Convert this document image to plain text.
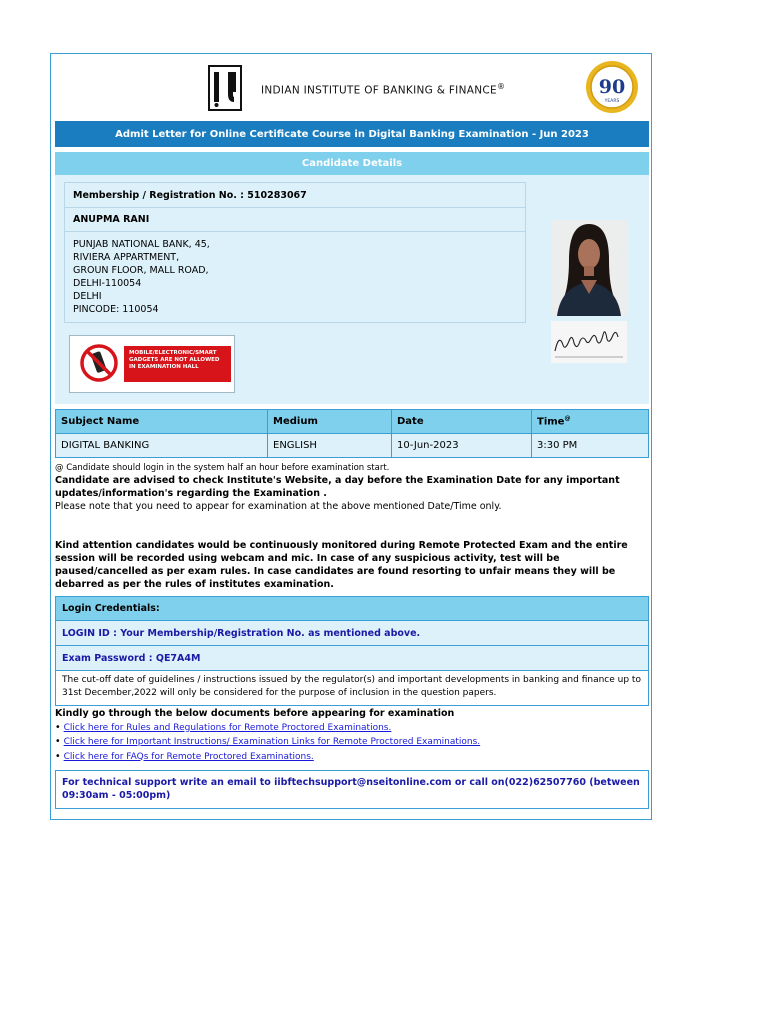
INDIAN INSTITUTE OF BANKING & FINANCE®	90
YEARS
Admit Letter for Online Certificate Course in Digital Banking Examination - Jun 2023
Candidate Details
Membership / Registration No. : 510283067
ANUPMA RANI
PUNJAB NATIONAL BANK, 45,
RIVIERA APPARTMENT,
GROUN FLOOR, MALL ROAD,
DELHI-110054
DELHI
PINCODE: 110054
MOBILE/ELECTRONIC/SMART GADGETS ARE NOT ALLOWED IN EXAMINATION HALL
Subject Name	Medium	Date	Time@
DIGITAL BANKING	ENGLISH	10-Jun-2023	3:30 PM
@ Candidate should login in the system half an hour before examination start.
Candidate are advised to check Institute's Website, a day before the Examination Date for any important updates/information's regarding the Examination .
Please note that you need to appear for examination at the above mentioned Date/Time only.
Kind attention candidates would be continuously monitored during Remote Protected Exam and the entire session will be recorded using webcam and mic. In case of any suspicious activity, test will be paused/cancelled as per exam rules. In case candidates are found resorting to unfair means they will be debarred as per the rules of institutes examination.
Login Credentials:
LOGIN ID : Your Membership/Registration No. as mentioned above.
Exam Password : QE7A4M
The cut-off date of guidelines / instructions issued by the regulator(s) and important developments in banking and finance up to 31st December,2022 will only be considered for the purpose of inclusion in the question papers.
Kindly go through the below documents before appearing for examination
• Click here for Rules and Regulations for Remote Proctored Examinations.
• Click here for Important Instructions/ Examination Links for Remote Proctored Examinations.
• Click here for FAQs for Remote Proctored Examinations.
For technical support write an email to iibftechsupport@nseitonline.com or call on(022)62507760 (between 09:30am - 05:00pm)
